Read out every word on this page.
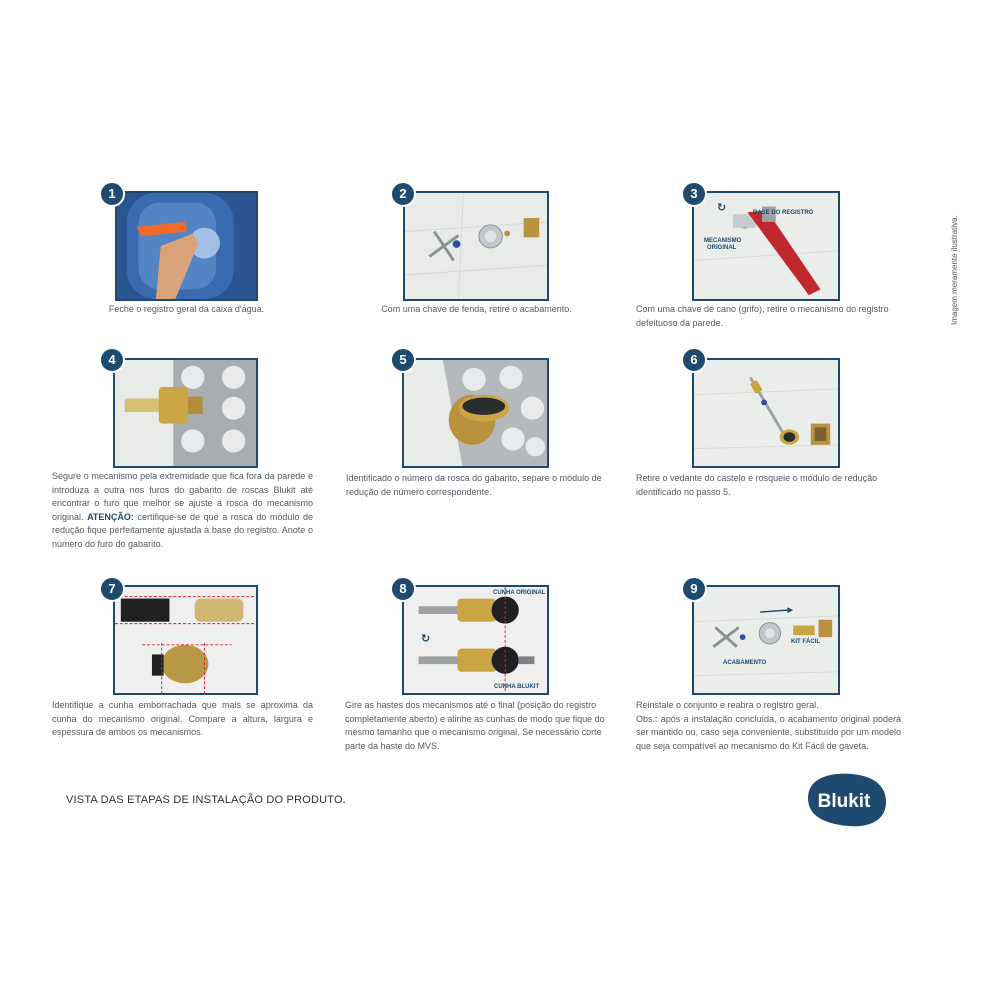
1
Feche o registro geral da caixa d'água.
2
Com uma chave de fenda, retire o acabamento.
3
BASE DO REGISTRO
MECANISMO
ORIGINAL
↻
Com uma chave de cano (grifo), retire o mecanismo do registro defeituoso da parede.
4
Segure o mecanismo pela extremidade que fica fora da parede e introduza a outra nos furos do gabarito de roscas Blukit até encontrar o furo que melhor se ajuste a rosca do mecanismo original. ATENÇÃO: certifique-se de que a rosca do módulo de redução fique perfeitamente ajustada à base do registro. Anote o número do furo do gabarito.
5
Identificado o número da rosca do gabarito, separe o módulo de redução de número correspondente.
6
Retire o vedante do castelo e rosqueie o módulo de redução identificado no passo 5.
7
Identifique a cunha emborrachada que mais se aproxima da cunha do mecanismo original. Compare a altura, largura e espessura de ambos os mecanismos.
8	CUNHA ORIGINAL
CUNHA BLUKIT
↻
Gire as hastes dos mecanismos até o final (posição do registro completamente aberto) e alinhe as cunhas de modo que fique do mesmo tamanho que o mecanismo original. Se necessário corte parte da haste do MVS.
9
KIT FÁCIL
ACABAMENTO
Reinstale o conjunto e reabra o registro geral.
Obs.: após a instalação concluída, o acabamento original poderá ser mantido ou, caso seja conveniente, substituído por um modelo que seja compatível ao mecanismo do Kit Fácil de gaveta.
Imagem meramente ilustrativa.
VISTA DAS ETAPAS DE INSTALAÇÃO DO PRODUTO.	Blukit
